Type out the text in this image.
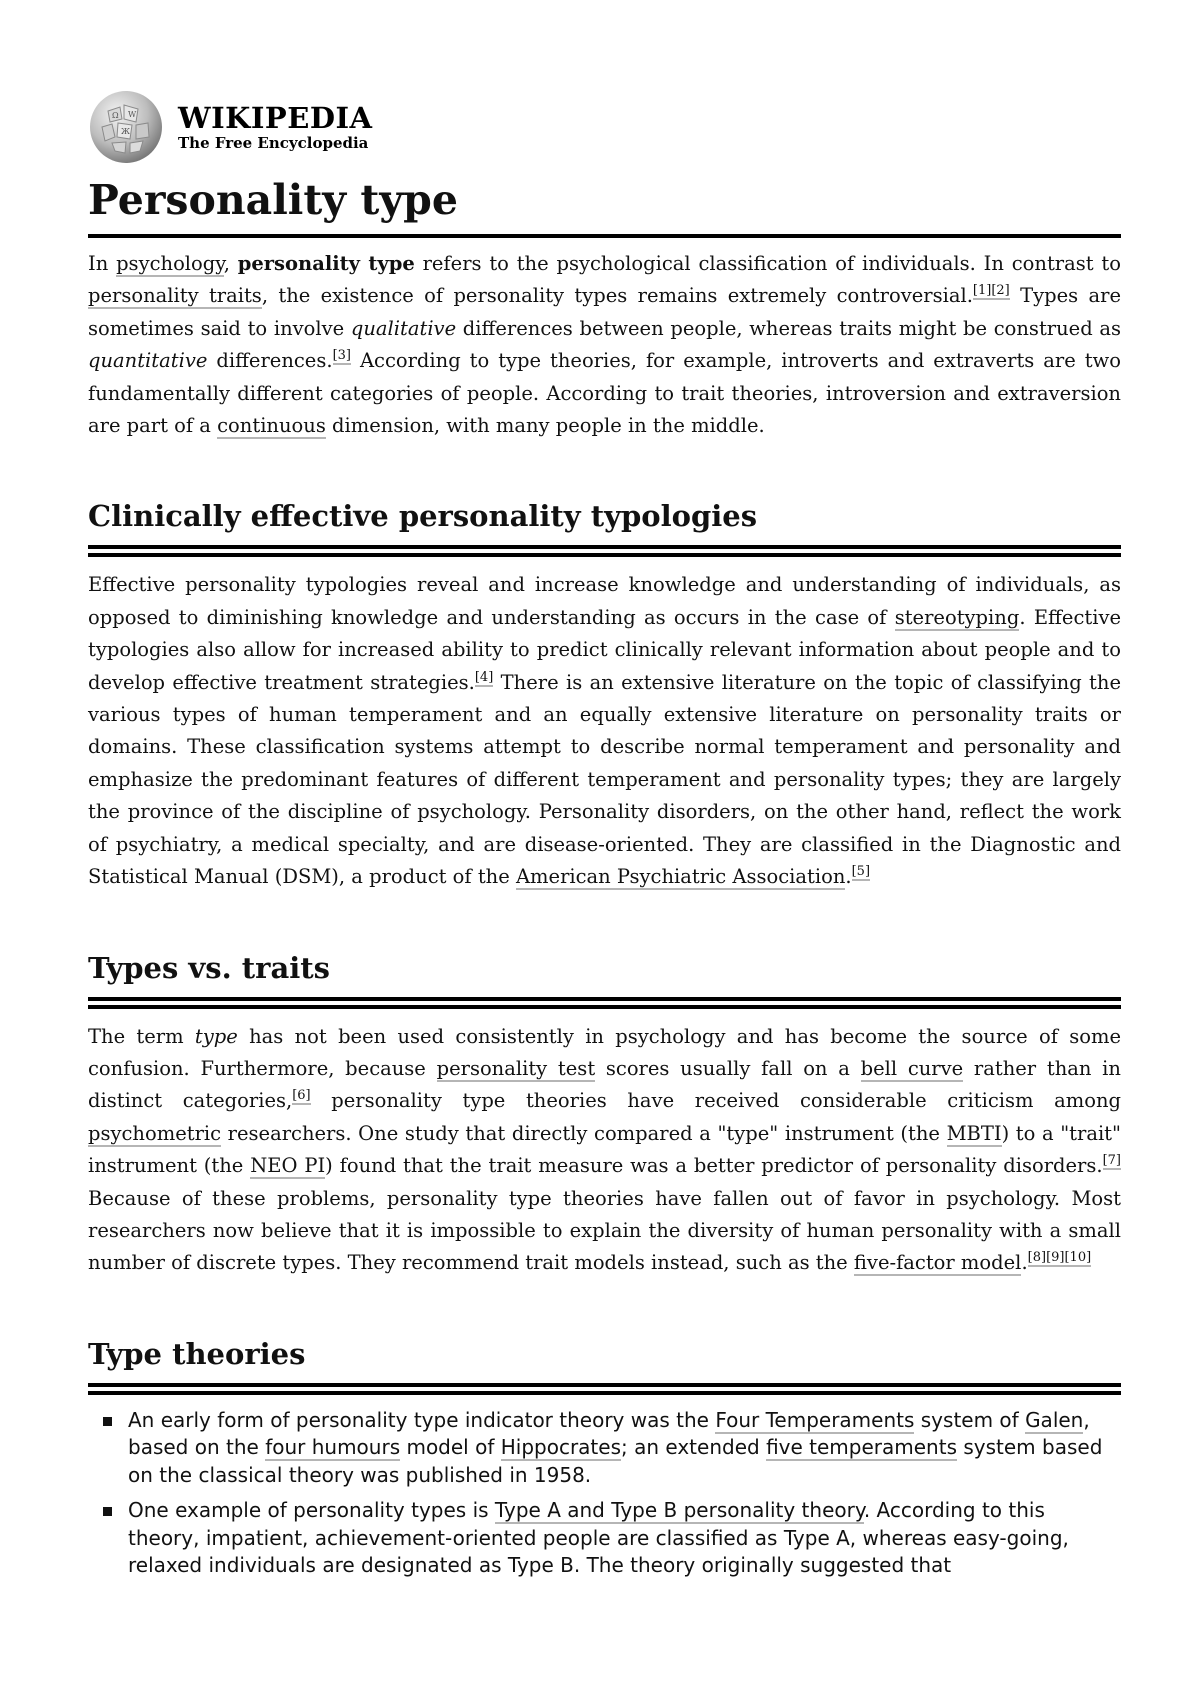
Ω W
Ж WIKIPEDIA
The Free Encyclopedia
Personality type

In psychology, personality type refers to the psychological classification of individuals. In contrast to personality traits, the existence of personality types remains extremely controversial.[1][2] Types are sometimes said to involve qualitative differences between people, whereas traits might be construed as quantitative differences.[3] According to type theories, for example, introverts and extraverts are two fundamentally different categories of people. According to trait theories, introversion and extraversion are part of a continuous dimension, with many people in the middle.

Clinically effective personality typologies

Effective personality typologies reveal and increase knowledge and understanding of individuals, as opposed to diminishing knowledge and understanding as occurs in the case of stereotyping. Effective typologies also allow for increased ability to predict clinically relevant information about people and to develop effective treatment strategies.[4] There is an extensive literature on the topic of classifying the various types of human temperament and an equally extensive literature on personality traits or domains. These classification systems attempt to describe normal temperament and personality and emphasize the predominant features of different temperament and personality types; they are largely the province of the discipline of psychology. Personality disorders, on the other hand, reflect the work of psychiatry, a medical specialty, and are disease-oriented. They are classified in the Diagnostic and Statistical Manual (DSM), a product of the American Psychiatric Association.[5]

Types vs. traits

The term type has not been used consistently in psychology and has become the source of some confusion. Furthermore, because personality test scores usually fall on a bell curve rather than in distinct categories,[6] personality type theories have received considerable criticism among psychometric researchers. One study that directly compared a "type" instrument (the MBTI) to a "trait" instrument (the NEO PI) found that the trait measure was a better predictor of personality disorders.[7] Because of these problems, personality type theories have fallen out of favor in psychology. Most researchers now believe that it is impossible to explain the diversity of human personality with a small number of discrete types. They recommend trait models instead, such as the five-factor model.[8][9][10]

Type theories
An early form of personality type indicator theory was the Four Temperaments system of Galen, based on the four humours model of Hippocrates; an extended five temperaments system based on the classical theory was published in 1958.
One example of personality types is Type A and Type B personality theory. According to this theory, impatient, achievement-oriented people are classified as Type A, whereas easy-going, relaxed individuals are designated as Type B. The theory originally suggested that
